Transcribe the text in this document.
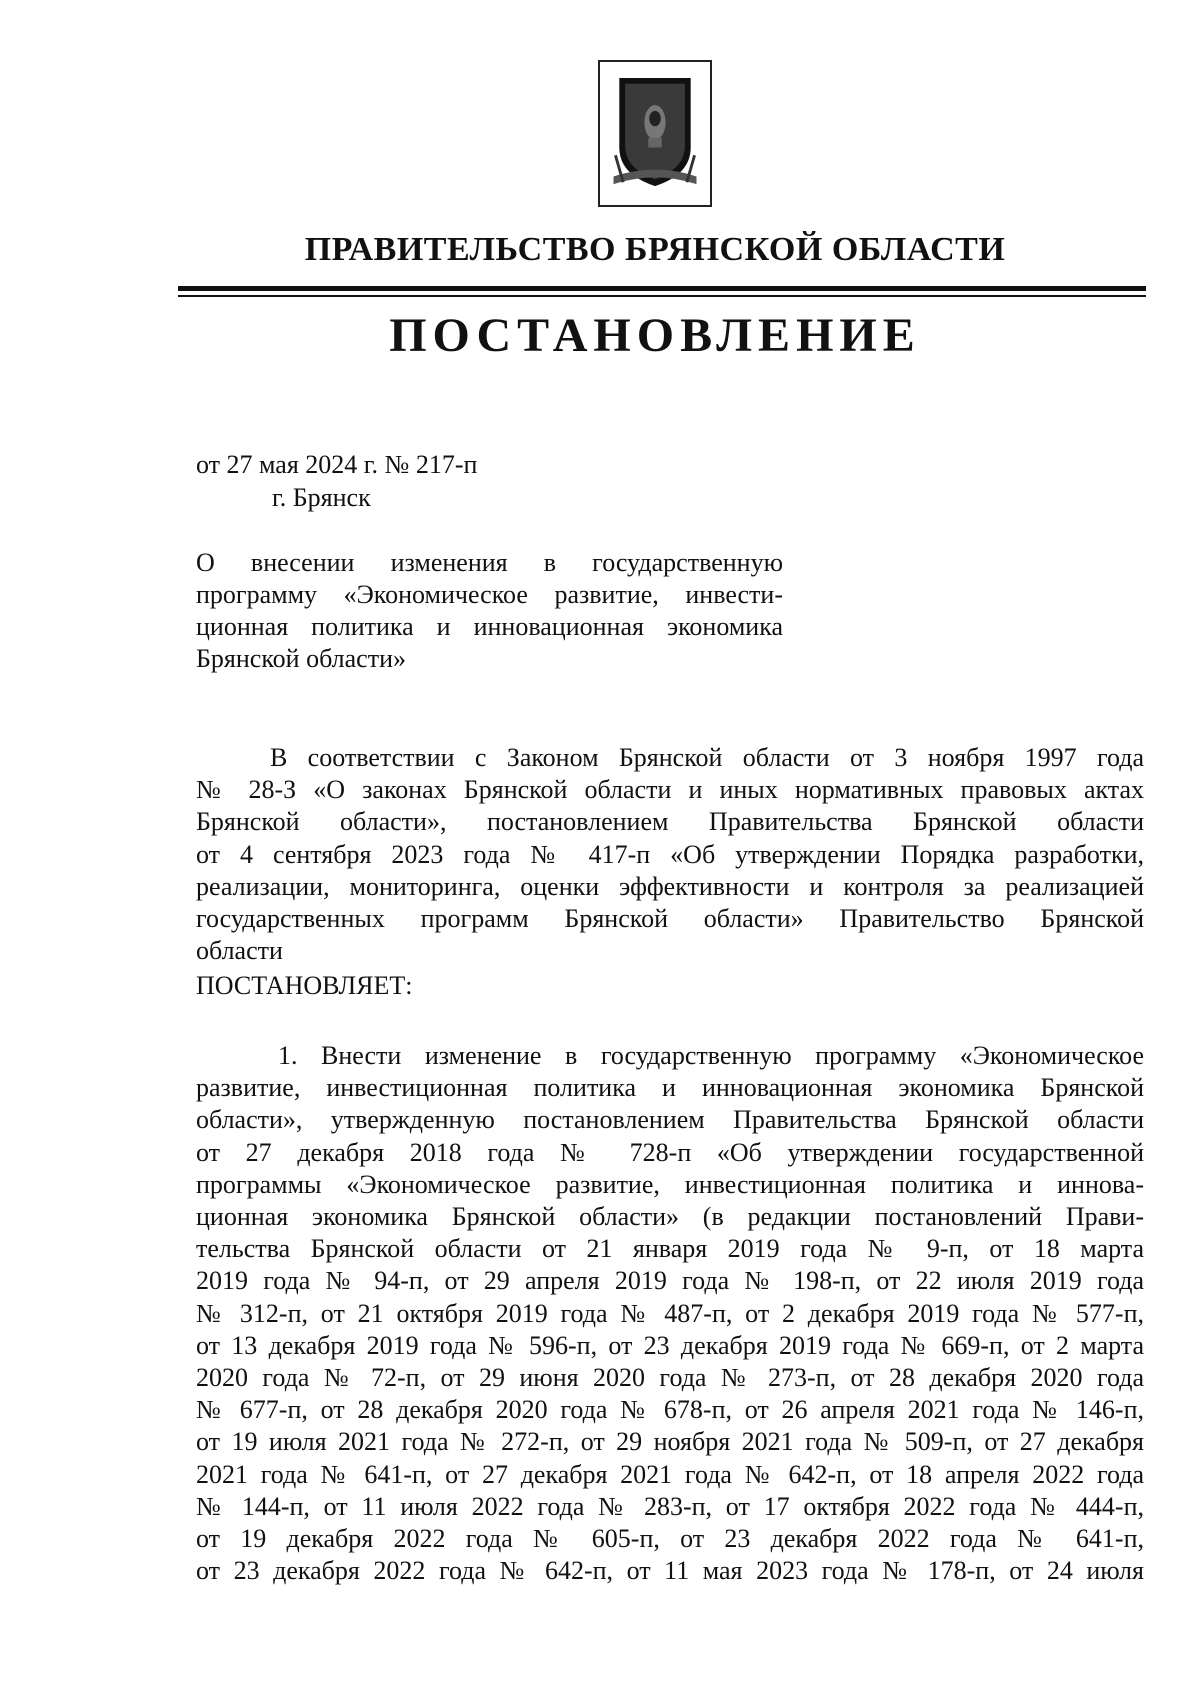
ПРАВИТЕЛЬСТВО БРЯНСКОЙ ОБЛАСТИ
ПОСТАНОВЛЕНИЕ
от 27 мая 2024 г. № 217-п
г. Брянск
О внесении изменения в государственную
программу «Экономическое развитие, инвести-
ционная политика и инновационная экономика
Брянской области»
В соответствии с Законом Брянской области от 3 ноября 1997 года
№ 28-З «О законах Брянской области и иных нормативных правовых актах
Брянской области», постановлением Правительства Брянской области
от 4 сентября 2023 года № 417-п «Об утверждении Порядка разработки,
реализации, мониторинга, оценки эффективности и контроля за реализацией
государственных программ Брянской области» Правительство Брянской
области
ПОСТАНОВЛЯЕТ:
1. Внести изменение в государственную программу «Экономическое
развитие, инвестиционная политика и инновационная экономика Брянской
области», утвержденную постановлением Правительства Брянской области
от 27 декабря 2018 года № 728-п «Об утверждении государственной
программы «Экономическое развитие, инвестиционная политика и иннова-
ционная экономика Брянской области» (в редакции постановлений Прави-
тельства Брянской области от 21 января 2019 года № 9-п, от 18 марта
2019 года № 94-п, от 29 апреля 2019 года № 198-п, от 22 июля 2019 года
№ 312-п, от 21 октября 2019 года № 487-п, от 2 декабря 2019 года № 577-п,
от 13 декабря 2019 года № 596-п, от 23 декабря 2019 года № 669-п, от 2 марта
2020 года № 72-п, от 29 июня 2020 года № 273-п, от 28 декабря 2020 года
№ 677-п, от 28 декабря 2020 года № 678-п, от 26 апреля 2021 года № 146-п,
от 19 июля 2021 года № 272-п, от 29 ноября 2021 года № 509-п, от 27 декабря
2021 года № 641-п, от 27 декабря 2021 года № 642-п, от 18 апреля 2022 года
№ 144-п, от 11 июля 2022 года № 283-п, от 17 октября 2022 года № 444-п,
от 19 декабря 2022 года № 605-п, от 23 декабря 2022 года № 641-п,
от 23 декабря 2022 года № 642-п, от 11 мая 2023 года № 178-п, от 24 июля
